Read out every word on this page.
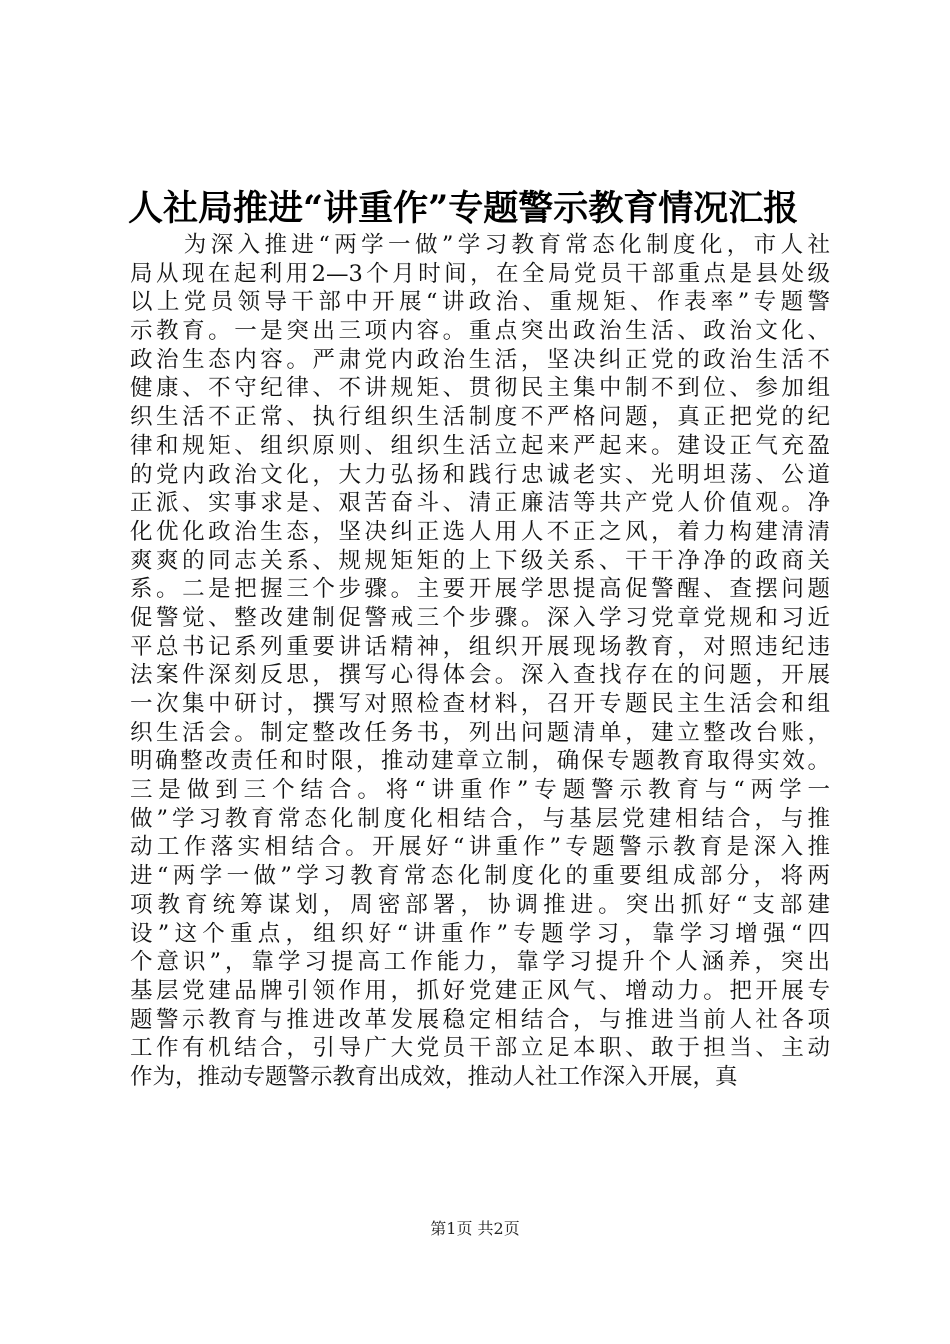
人社局推进“讲重作”专题警示教育情况汇报
　　为深入推进“两学一做”学习教育常态化制度化，市人社
局从现在起利用2—3个月时间，在全局党员干部重点是县处级
以上党员领导干部中开展“讲政治、重规矩、作表率”专题警
示教育。一是突出三项内容。重点突出政治生活、政治文化、
政治生态内容。严肃党内政治生活，坚决纠正党的政治生活不
健康、不守纪律、不讲规矩、贯彻民主集中制不到位、参加组
织生活不正常、执行组织生活制度不严格问题，真正把党的纪
律和规矩、组织原则、组织生活立起来严起来。建设正气充盈
的党内政治文化，大力弘扬和践行忠诚老实、光明坦荡、公道
正派、实事求是、艰苦奋斗、清正廉洁等共产党人价值观。净
化优化政治生态，坚决纠正选人用人不正之风，着力构建清清
爽爽的同志关系、规规矩矩的上下级关系、干干净净的政商关
系。二是把握三个步骤。主要开展学思提高促警醒、查摆问题
促警觉、整改建制促警戒三个步骤。深入学习党章党规和习近
平总书记系列重要讲话精神，组织开展现场教育，对照违纪违
法案件深刻反思，撰写心得体会。深入查找存在的问题，开展
一次集中研讨，撰写对照检查材料，召开专题民主生活会和组
织生活会。制定整改任务书，列出问题清单，建立整改台账，
明确整改责任和时限，推动建章立制，确保专题教育取得实效。
三是做到三个结合。将“讲重作”专题警示教育与“两学一
做”学习教育常态化制度化相结合，与基层党建相结合，与推
动工作落实相结合。开展好“讲重作”专题警示教育是深入推
进“两学一做”学习教育常态化制度化的重要组成部分，将两
项教育统筹谋划，周密部署，协调推进。突出抓好“支部建
设”这个重点，组织好“讲重作”专题学习，靠学习增强“四
个意识”，靠学习提高工作能力，靠学习提升个人涵养，突出
基层党建品牌引领作用，抓好党建正风气、增动力。把开展专
题警示教育与推进改革发展稳定相结合，与推进当前人社各项
工作有机结合，引导广大党员干部立足本职、敢于担当、主动
作为，推动专题警示教育出成效，推动人社工作深入开展，真
第1页 共2页
